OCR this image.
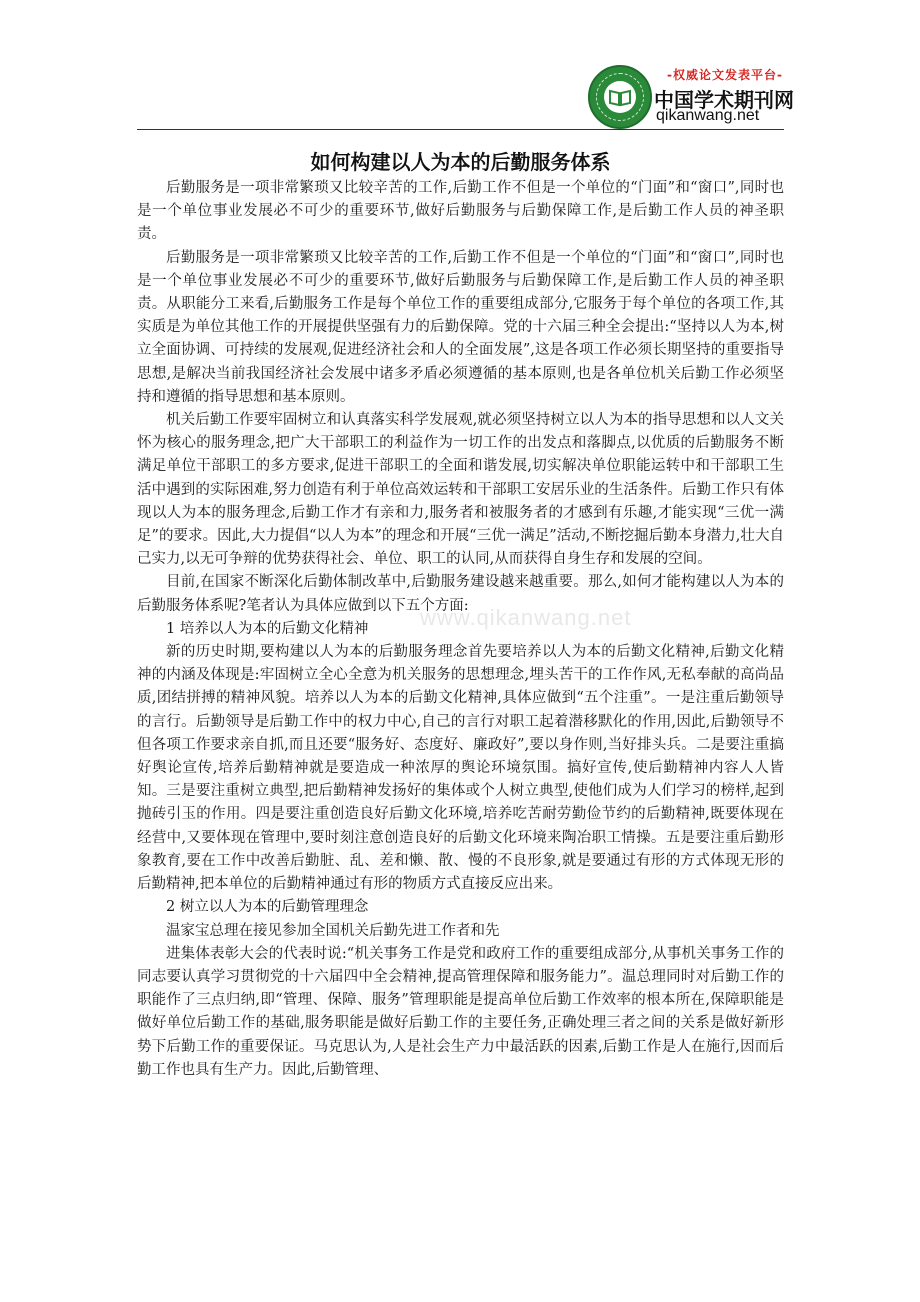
-权威论文发表平台-
中国学术期刊网
qikanwang.net
www.qikanwang.net
如何构建以人为本的后勤服务体系

后勤服务是一项非常繁琐又比较辛苦的工作,后勤工作不但是一个单位的“门面”和“窗口”,同时也是一个单位事业发展必不可少的重要环节,做好后勤服务与后勤保障工作,是后勤工作人员的神圣职责。

后勤服务是一项非常繁琐又比较辛苦的工作,后勤工作不但是一个单位的“门面”和“窗口”,同时也是一个单位事业发展必不可少的重要环节,做好后勤服务与后勤保障工作,是后勤工作人员的神圣职责。从职能分工来看,后勤服务工作是每个单位工作的重要组成部分,它服务于每个单位的各项工作,其实质是为单位其他工作的开展提供坚强有力的后勤保障。党的十六届三种全会提出:“坚持以人为本,树立全面协调、可持续的发展观,促进经济社会和人的全面发展”,这是各项工作必须长期坚持的重要指导思想,是解决当前我国经济社会发展中诸多矛盾必须遵循的基本原则,也是各单位机关后勤工作必须坚持和遵循的指导思想和基本原则。

机关后勤工作要牢固树立和认真落实科学发展观,就必须坚持树立以人为本的指导思想和以人文关怀为核心的服务理念,把广大干部职工的利益作为一切工作的出发点和落脚点,以优质的后勤服务不断满足单位干部职工的多方要求,促进干部职工的全面和谐发展,切实解决单位职能运转中和干部职工生活中遇到的实际困难,努力创造有利于单位高效运转和干部职工安居乐业的生活条件。后勤工作只有体现以人为本的服务理念,后勤工作才有亲和力,服务者和被服务者的才感到有乐趣,才能实现“三优一满足”的要求。因此,大力提倡“以人为本”的理念和开展“三优一满足”活动,不断挖掘后勤本身潜力,壮大自己实力,以无可争辩的优势获得社会、单位、职工的认同,从而获得自身生存和发展的空间。

目前,在国家不断深化后勤体制改革中,后勤服务建设越来越重要。那么,如何才能构建以人为本的后勤服务体系呢?笔者认为具体应做到以下五个方面:

1 培养以人为本的后勤文化精神

新的历史时期,要构建以人为本的后勤服务理念首先要培养以人为本的后勤文化精神,后勤文化精神的内涵及体现是:牢固树立全心全意为机关服务的思想理念,埋头苦干的工作作风,无私奉献的高尚品质,团结拼搏的精神风貌。培养以人为本的后勤文化精神,具体应做到“五个注重”。一是注重后勤领导的言行。后勤领导是后勤工作中的权力中心,自己的言行对职工起着潜移默化的作用,因此,后勤领导不但各项工作要求亲自抓,而且还要“服务好、态度好、廉政好”,要以身作则,当好排头兵。二是要注重搞好舆论宣传,培养后勤精神就是要造成一种浓厚的舆论环境氛围。搞好宣传,使后勤精神内容人人皆知。三是要注重树立典型,把后勤精神发扬好的集体或个人树立典型,使他们成为人们学习的榜样,起到抛砖引玉的作用。四是要注重创造良好后勤文化环境,培养吃苦耐劳勤俭节约的后勤精神,既要体现在经营中,又要体现在管理中,要时刻注意创造良好的后勤文化环境来陶冶职工情操。五是要注重后勤形象教育,要在工作中改善后勤脏、乱、差和懒、散、慢的不良形象,就是要通过有形的方式体现无形的后勤精神,把本单位的后勤精神通过有形的物质方式直接反应出来。

2 树立以人为本的后勤管理理念

温家宝总理在接见参加全国机关后勤先进工作者和先

进集体表彰大会的代表时说:“机关事务工作是党和政府工作的重要组成部分,从事机关事务工作的同志要认真学习贯彻党的十六届四中全会精神,提高管理保障和服务能力”。温总理同时对后勤工作的职能作了三点归纳,即“管理、保障、服务”管理职能是提高单位后勤工作效率的根本所在,保障职能是做好单位后勤工作的基础,服务职能是做好后勤工作的主要任务,正确处理三者之间的关系是做好新形势下后勤工作的重要保证。马克思认为,人是社会生产力中最活跃的因素,后勤工作是人在施行,因而后勤工作也具有生产力。因此,后勤管理、
